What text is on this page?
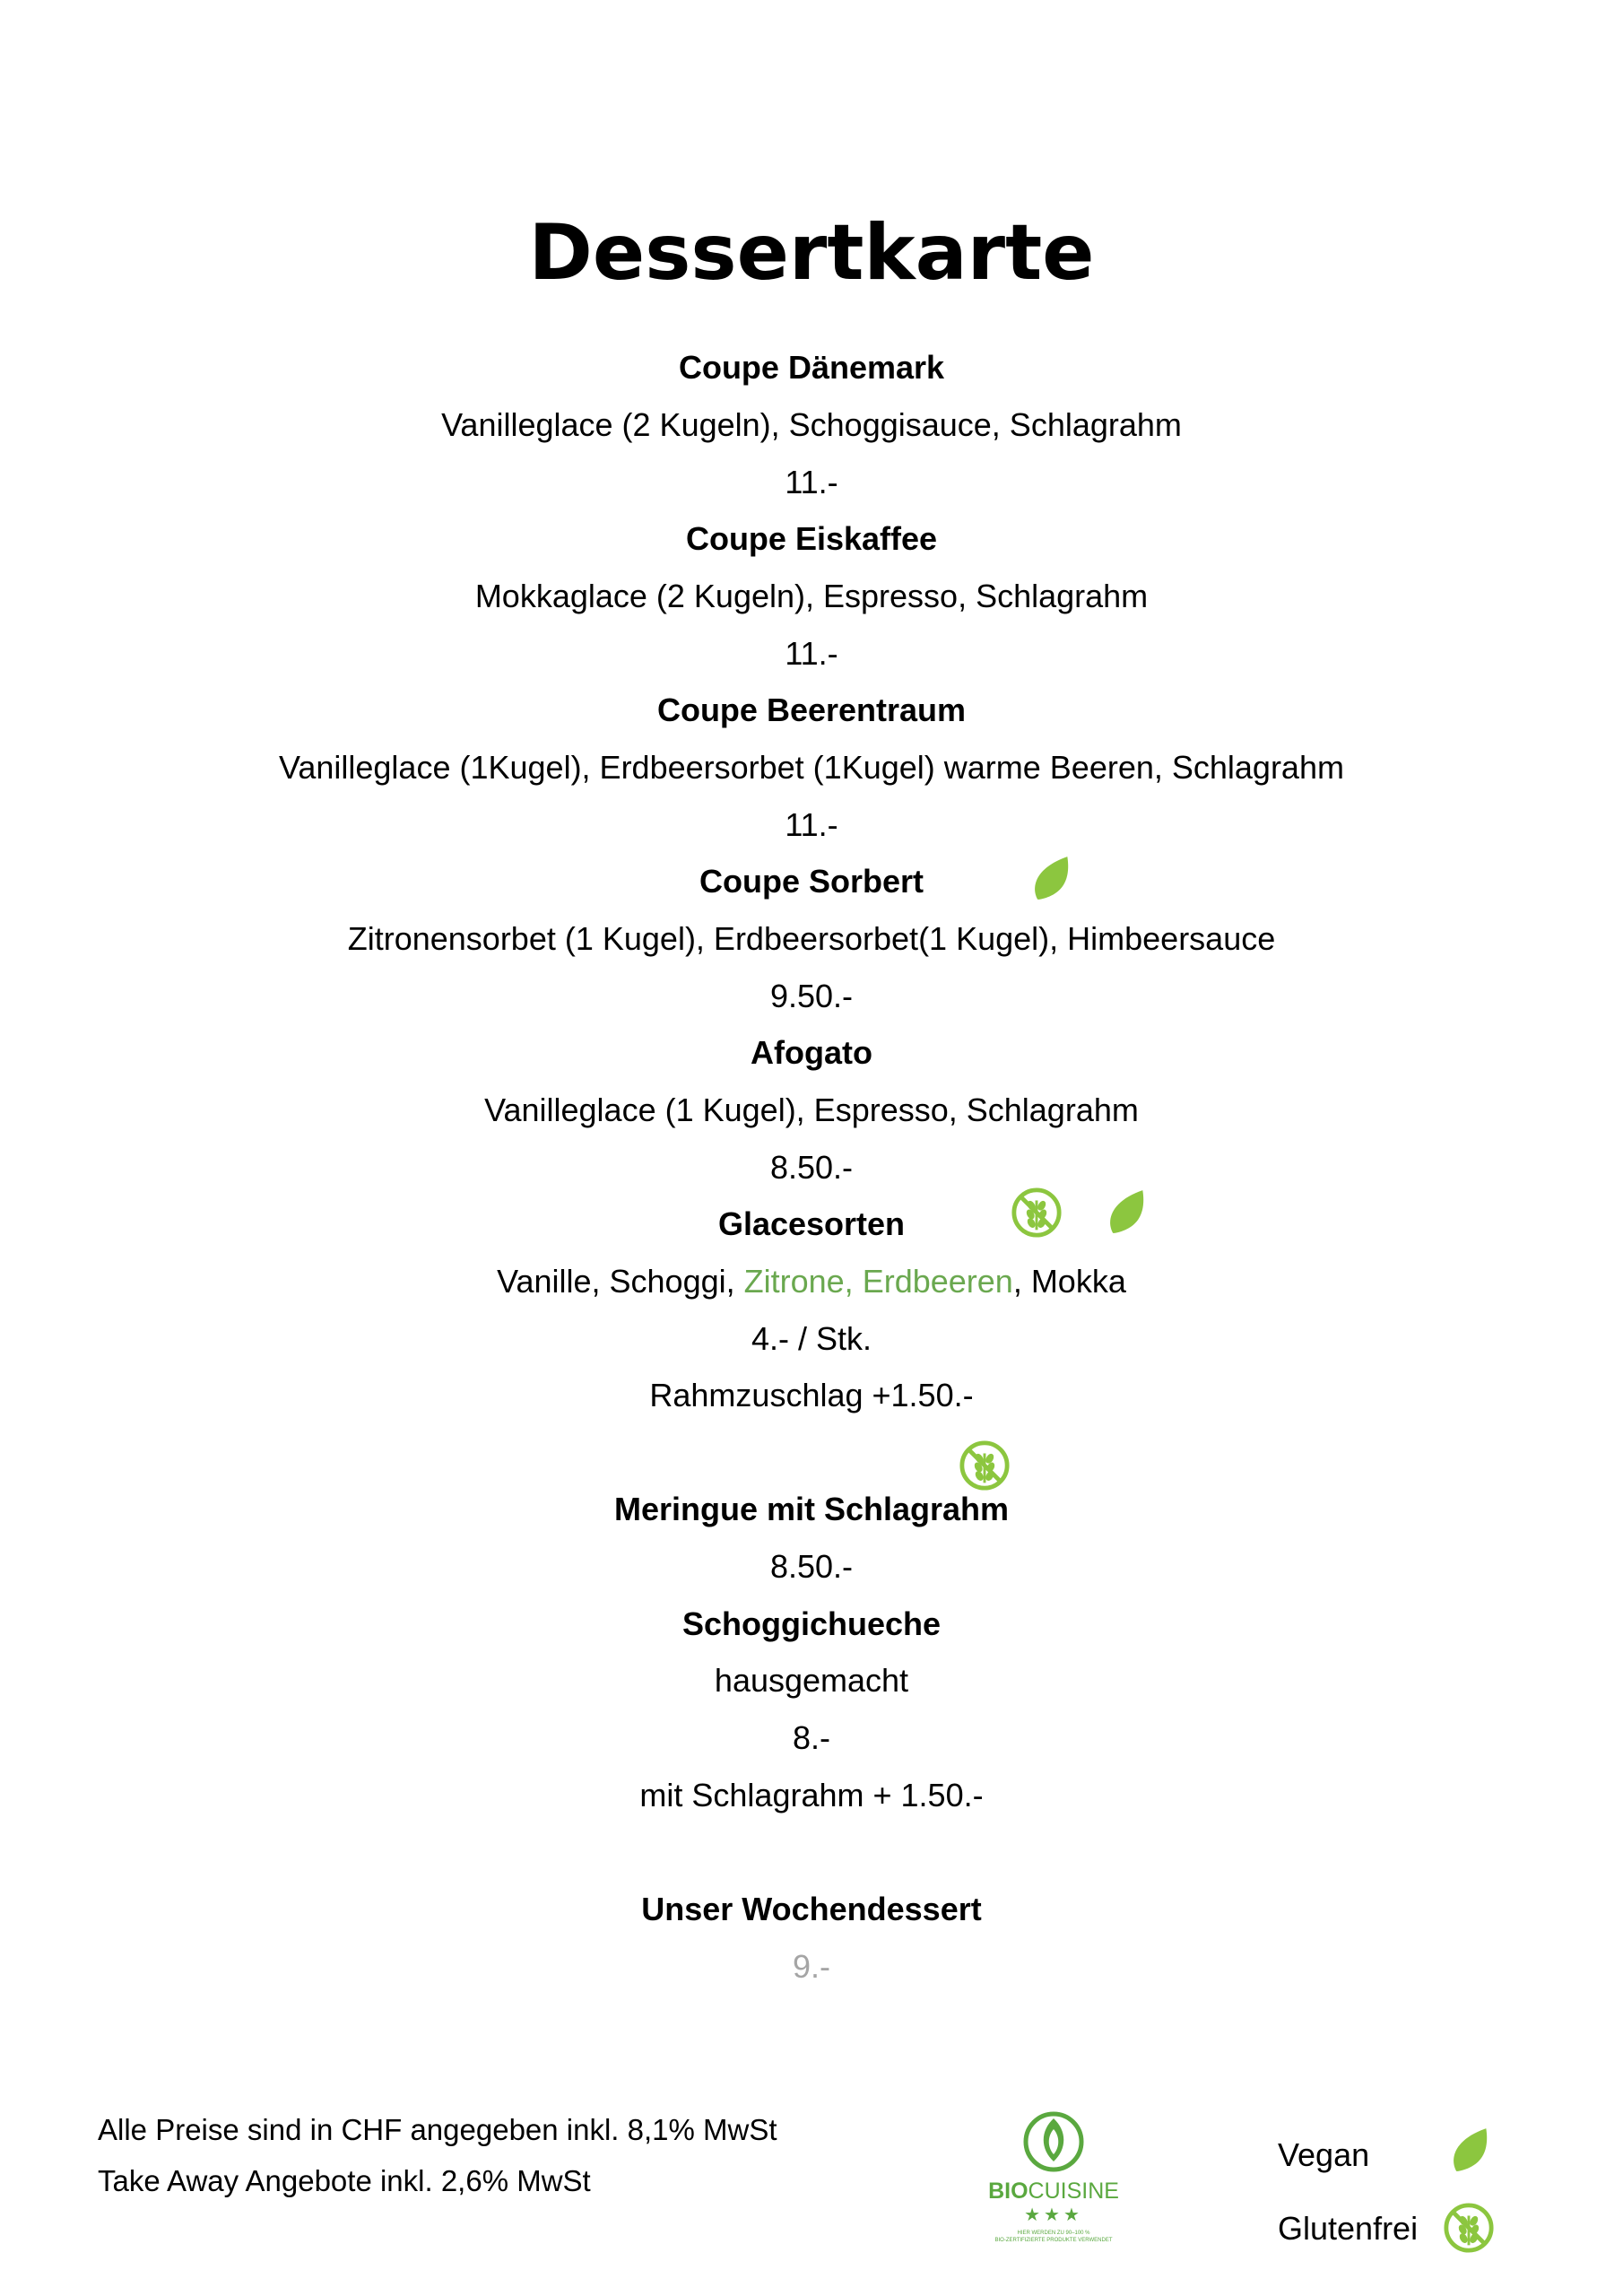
Dessertkarte
Coupe Dänemark
Vanilleglace (2 Kugeln), Schoggisauce, Schlagrahm
11.-
Coupe Eiskaffee
Mokkaglace (2 Kugeln), Espresso, Schlagrahm
11.-
Coupe Beerentraum
Vanilleglace (1Kugel), Erdbeersorbet (1Kugel) warme Beeren, Schlagrahm
11.-
Coupe Sorbert
Zitronensorbet (1 Kugel), Erdbeersorbet(1 Kugel), Himbeersauce
9.50.-
Afogato
Vanilleglace (1 Kugel), Espresso, Schlagrahm
8.50.-
Glacesorten
Vanille, Schoggi, Zitrone, Erdbeeren, Mokka
4.- / Stk.
Rahmzuschlag +1.50.-
Meringue mit Schlagrahm
8.50.-
Schoggichueche
hausgemacht
8.-
mit Schlagrahm + 1.50.-
Unser Wochendessert
9.-
Alle Preise sind in CHF angegeben inkl. 8,1% MwSt
Take Away Angebote inkl. 2,6% MwSt	BIOCUISINE
★★★
HIER WERDEN ZU 90–100 %
BIO-ZERTIFIZIERTE PRODUKTE VERWENDET
Vegan
Glutenfrei
